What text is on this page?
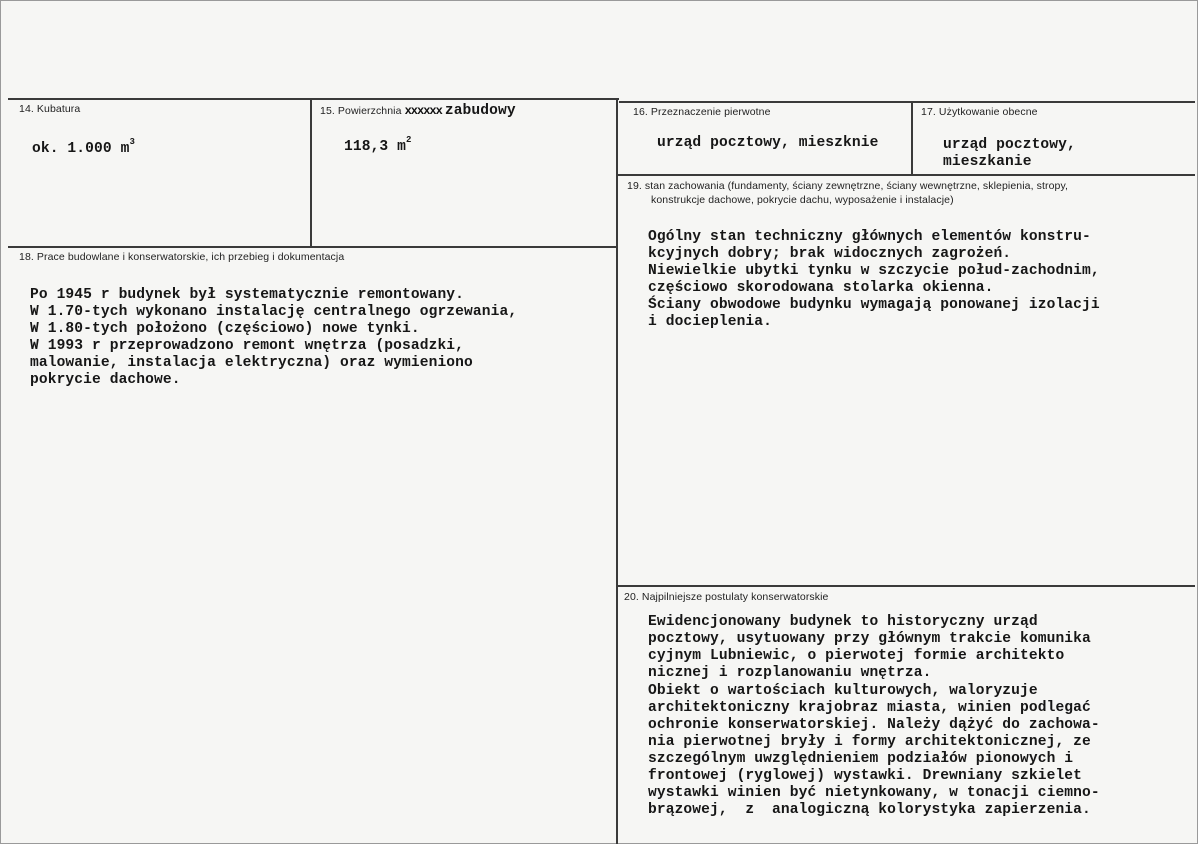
14. Kubatura
ok. 1.000 $m^3$
15. Powierzchnia xxxxxx zabudowy
118,3 $m^2$
16. Przeznaczenie pierwotne
urząd pocztowy, mieszknie
17. Użytkowanie obecne
urząd pocztowy,
mieszkanie
18. Prace budowlane i konserwatorskie, ich przebieg i dokumentacja
Po 1945 r budynek był systematycznie remontowany.
W 1.70-tych wykonano instalację centralnego ogrzewania,
W 1.80-tych położono (częściowo) nowe tynki.
W 1993 r przeprowadzono remont wnętrza (posadzki,
malowanie, instalacja elektryczna) oraz wymieniono
pokrycie dachowe.
19. stan zachowania (fundamenty, ściany zewnętrzne, ściany wewnętrzne, sklepienia, stropy,
konstrukcje dachowe, pokrycie dachu, wyposażenie i instalacje)
Ogólny stan techniczny głównych elementów konstru-
kcyjnych dobry; brak widocznych zagrożeń.
Niewielkie ubytki tynku w szczycie połud-zachodnim,
częściowo skorodowana stolarka okienna.
Ściany obwodowe budynku wymagają ponowanej izolacji
i docieplenia.
20. Najpilniejsze postulaty konserwatorskie
Ewidencjonowany budynek to historyczny urząd
pocztowy, usytuowany przy głównym trakcie komunika
cyjnym Lubniewic, o pierwotej formie architekto
nicznej i rozplanowaniu wnętrza.
Obiekt o wartościach kulturowych, waloryzuje
architektoniczny krajobraz miasta, winien podlegać
ochronie konserwatorskiej. Należy dążyć do zachowa-
nia pierwotnej bryły i formy architektonicznej, ze
szczególnym uwzględnieniem podziałów pionowych i
frontowej (ryglowej) wystawki. Drewniany szkielet
wystawki winien być nietynkowany, w tonacji ciemno-
brązowej,  z  analogiczną kolorystyka zapierzenia.
